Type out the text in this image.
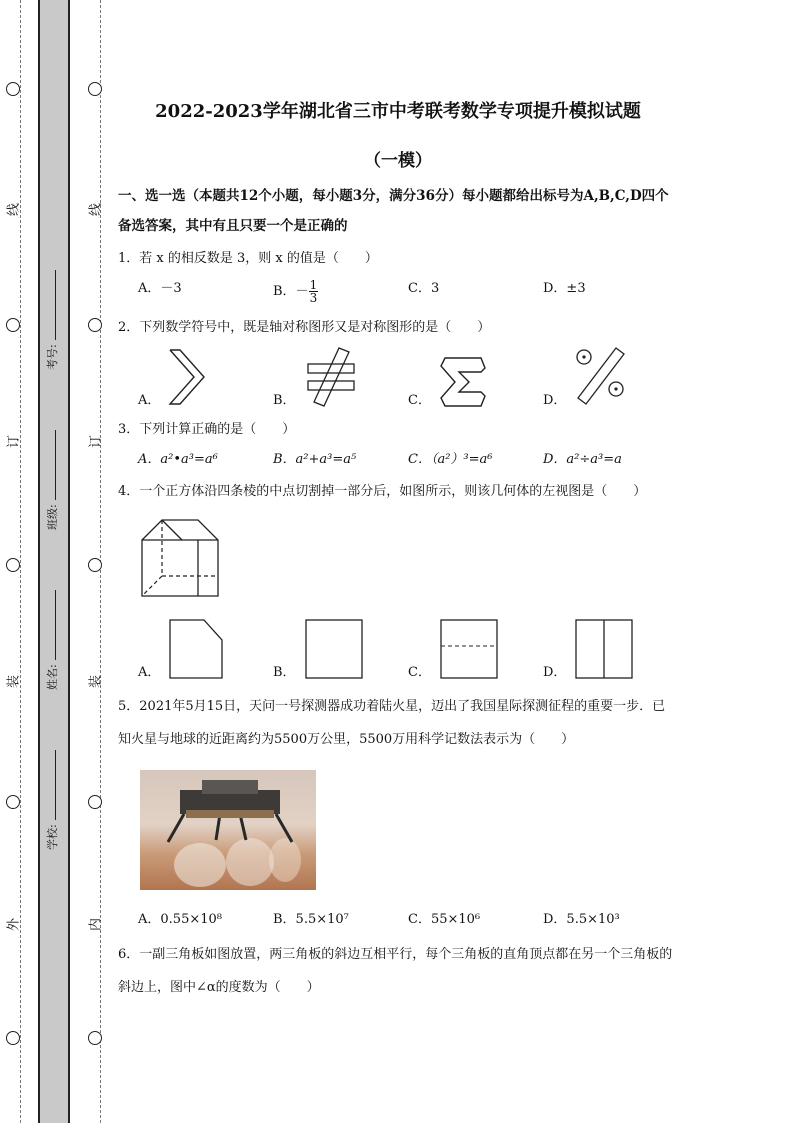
线
订
装
外
线
订
装
内
考号:
班级:
姓名:
学校:
2022-2023学年湖北省三市中考联考数学专项提升模拟试题
（一模）
一、选一选（本题共12个小题，每小题3分，满分36分）每小题都给出标号为A,B,C,D四个备选答案，其中有且只要一个是正确的
1．若 x 的相反数是 3，则 x 的值是（　　）
A．－3	B．－ $\frac{1}{3}$	C．3	D．±3
2．下列数学符号中，既是轴对称图形又是对称图形的是（　　）
A．	B．	C．	D．
3．下列计算正确的是（　　）
A．a²•a³=a⁶	B．a²+a³=a⁵	C．（a²）³=a⁶	D．a²÷a³=a
4．一个正方体沿四条棱的中点切割掉一部分后，如图所示，则该几何体的左视图是（　　）
A．	B．	C．	D．
5．2021年5月15日，天问一号探测器成功着陆火星，迈出了我国星际探测征程的重要一步．已知火星与地球的近距离约为5500万公里，5500万用科学记数法表示为（　　）
A．0.55×10⁸	B．5.5×10⁷	C．55×10⁶	D．5.5×10³
6．一副三角板如图放置，两三角板的斜边互相平行，每个三角板的直角顶点都在另一个三角板的斜边上，图中∠α的度数为（　　）
